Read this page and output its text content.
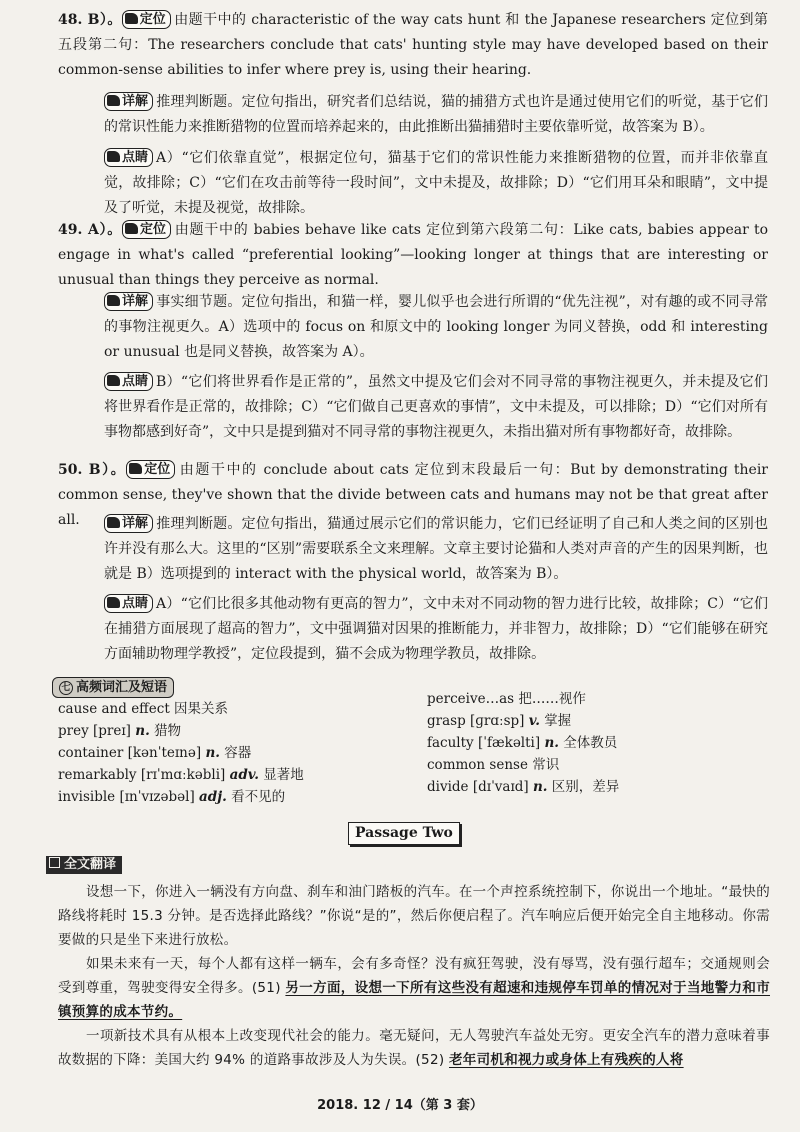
48. B）。 定位 由题干中的 characteristic of the way cats hunt 和 the Japanese researchers 定位到第五段第二句：The researchers conclude that cats' hunting style may have developed based on their common-sense abilities to infer where prey is, using their hearing.
详解 推理判断题。定位句指出，研究者们总结说，猫的捕猎方式也许是通过使用它们的听觉，基于它们的常识性能力来推断猎物的位置而培养起来的，由此推断出猫捕猎时主要依靠听觉，故答案为 B）。
点睛 A）“它们依靠直觉”，根据定位句，猫基于它们的常识性能力来推断猎物的位置，而并非依靠直觉，故排除；C）“它们在攻击前等待一段时间”，文中未提及，故排除；D）“它们用耳朵和眼睛”，文中提及了听觉，未提及视觉，故排除。
49. A）。 定位 由题干中的 babies behave like cats 定位到第六段第二句：Like cats, babies appear to engage in what's called “preferential looking”—looking longer at things that are interesting or unusual than things they perceive as normal.
详解 事实细节题。定位句指出，和猫一样，婴儿似乎也会进行所谓的“优先注视”，对有趣的或不同寻常的事物注视更久。A）选项中的 focus on 和原文中的 looking longer 为同义替换，odd 和 interesting or unusual 也是同义替换，故答案为 A）。
点睛 B）“它们将世界看作是正常的”，虽然文中提及它们会对不同寻常的事物注视更久，并未提及它们将世界看作是正常的，故排除；C）“它们做自己更喜欢的事情”，文中未提及，可以排除；D）“它们对所有事物都感到好奇”，文中只是提到猫对不同寻常的事物注视更久，未指出猫对所有事物都好奇，故排除。
50. B）。 定位 由题干中的 conclude about cats 定位到末段最后一句：But by demonstrating their common sense, they've shown that the divide between cats and humans may not be that great after all.	详解 推理判断题。定位句指出，猫通过展示它们的常识能力，它们已经证明了自己和人类之间的区别也许并没有那么大。这里的“区别”需要联系全文来理解。文章主要讨论猫和人类对声音的产生的因果判断，也就是 B）选项提到的 interact with the physical world，故答案为 B）。
点睛 A）“它们比很多其他动物有更高的智力”，文中未对不同动物的智力进行比较，故排除；C）“它们在捕猎方面展现了超高的智力”，文中强调猫对因果的推断能力，并非智力，故排除；D）“它们能够在研究方面辅助物理学教授”，定位段提到，猫不会成为物理学教员，故排除。
七 高频词汇及短语
cause and effect 因果关系
prey [preɪ] n. 猎物
container [kənˈteɪnə] n. 容器
remarkably [rɪˈmɑːkəbli] adv. 显著地
invisible [ɪnˈvɪzəbəl] adj. 看不见的
perceive…as 把……视作
grasp [ɡrɑːsp] v. 掌握
faculty [ˈfækəlti] n. 全体教员
common sense 常识
divide [dɪˈvaɪd] n. 区别，差异
Passage Two
全文翻译
设想一下，你进入一辆没有方向盘、刹车和油门踏板的汽车。在一个声控系统控制下，你说出一个地址。“最快的路线将耗时 15.3 分钟。是否选择此路线？”你说“是的”，然后你便启程了。汽车响应后便开始完全自主地移动。你需要做的只是坐下来进行放松。
如果未来有一天，每个人都有这样一辆车，会有多奇怪？没有疯狂驾驶，没有辱骂，没有强行超车；交通规则会受到尊重，驾驶变得安全得多。(51) 另一方面，设想一下所有这些没有超速和违规停车罚单的情况对于当地警力和市镇预算的成本节约。
一项新技术具有从根本上改变现代社会的能力。毫无疑问，无人驾驶汽车益处无穷。更安全汽车的潜力意味着事故数据的下降：美国大约 94% 的道路事故涉及人为失误。(52) 老年司机和视力或身体上有残疾的人将
2018. 12 / 14（第 3 套）
